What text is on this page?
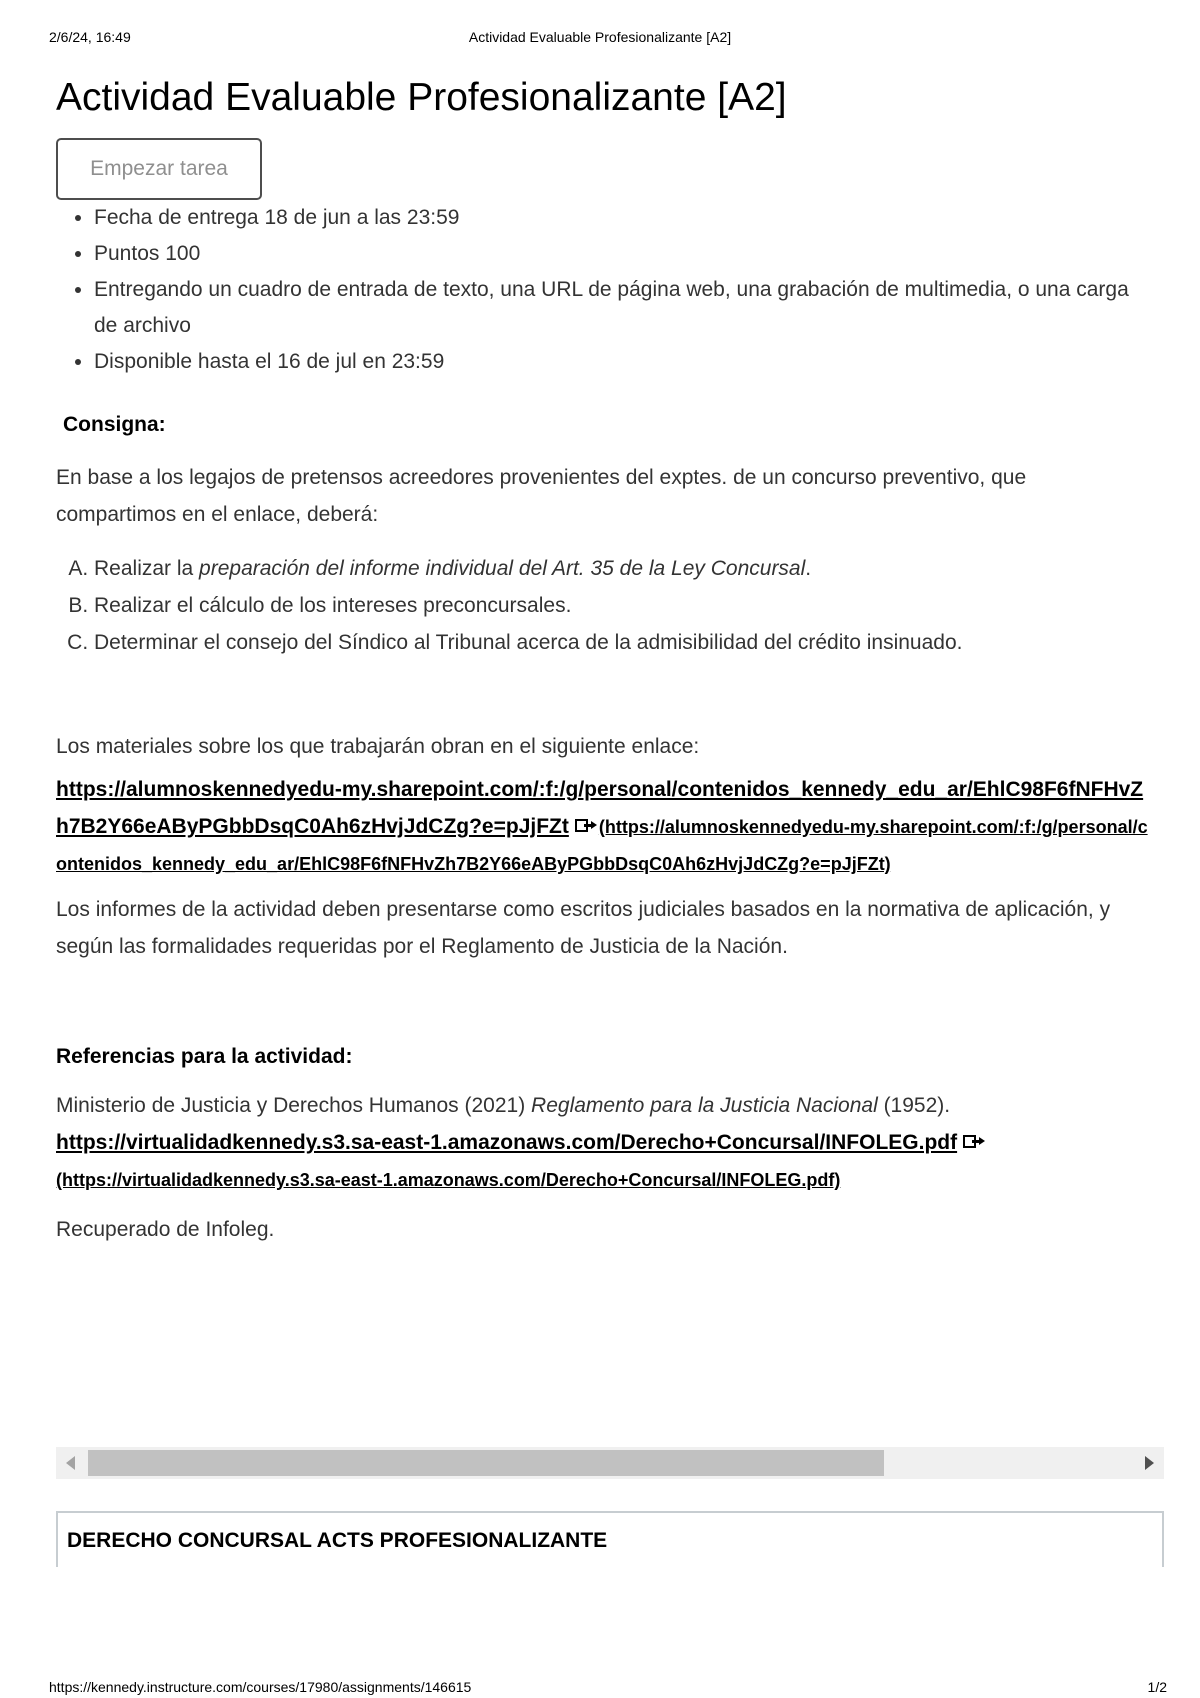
2/6/24, 16:49	Actividad Evaluable Profesionalizante [A2]
Actividad Evaluable Profesionalizante [A2]
Empezar tarea
• Fecha de entrega 18 de jun a las 23:59
• Puntos 100
• Entregando un cuadro de entrada de texto, una URL de página web, una grabación de multimedia, o una carga de archivo
• Disponible hasta el 16 de jul en 23:59
Consigna:

En base a los legajos de pretensos acreedores provenientes del exptes. de un concurso preventivo, que compartimos en el enlace, deberá:

A. Realizar la preparación del informe individual del Art. 35 de la Ley Concursal.
B. Realizar el cálculo de los intereses preconcursales.
C. Determinar el consejo del Síndico al Tribunal acerca de la admisibilidad del crédito insinuado.

Los materiales sobre los que trabajarán obran en el siguiente enlace:

https://alumnoskennedyedu-my.sharepoint.com/:f:/g/personal/contenidos_kennedy_edu_ar/EhlC98F6fNFHvZh7B2Y66eAByPGbbDsqC0Ah6zHvjJdCZg?e=pJjFZt (https://alumnoskennedyedu-my.sharepoint.com/:f:/g/personal/contenidos_kennedy_edu_ar/EhlC98F6fNFHvZh7B2Y66eAByPGbbDsqC0Ah6zHvjJdCZg?e=pJjFZt)

Los informes de la actividad deben presentarse como escritos judiciales basados en la normativa de aplicación, y según las formalidades requeridas por el Reglamento de Justicia de la Nación.

Referencias para la actividad:

Ministerio de Justicia y Derechos Humanos (2021) Reglamento para la Justicia Nacional (1952).
https://virtualidadkennedy.s3.sa-east-1.amazonaws.com/Derecho+Concursal/INFOLEG.pdf

(https://virtualidadkennedy.s3.sa-east-1.amazonaws.com/Derecho+Concursal/INFOLEG.pdf)

Recuperado de Infoleg.

DERECHO CONCURSAL ACTS PROFESIONALIZANTE
https://kennedy.instructure.com/courses/17980/assignments/146615	1/2
